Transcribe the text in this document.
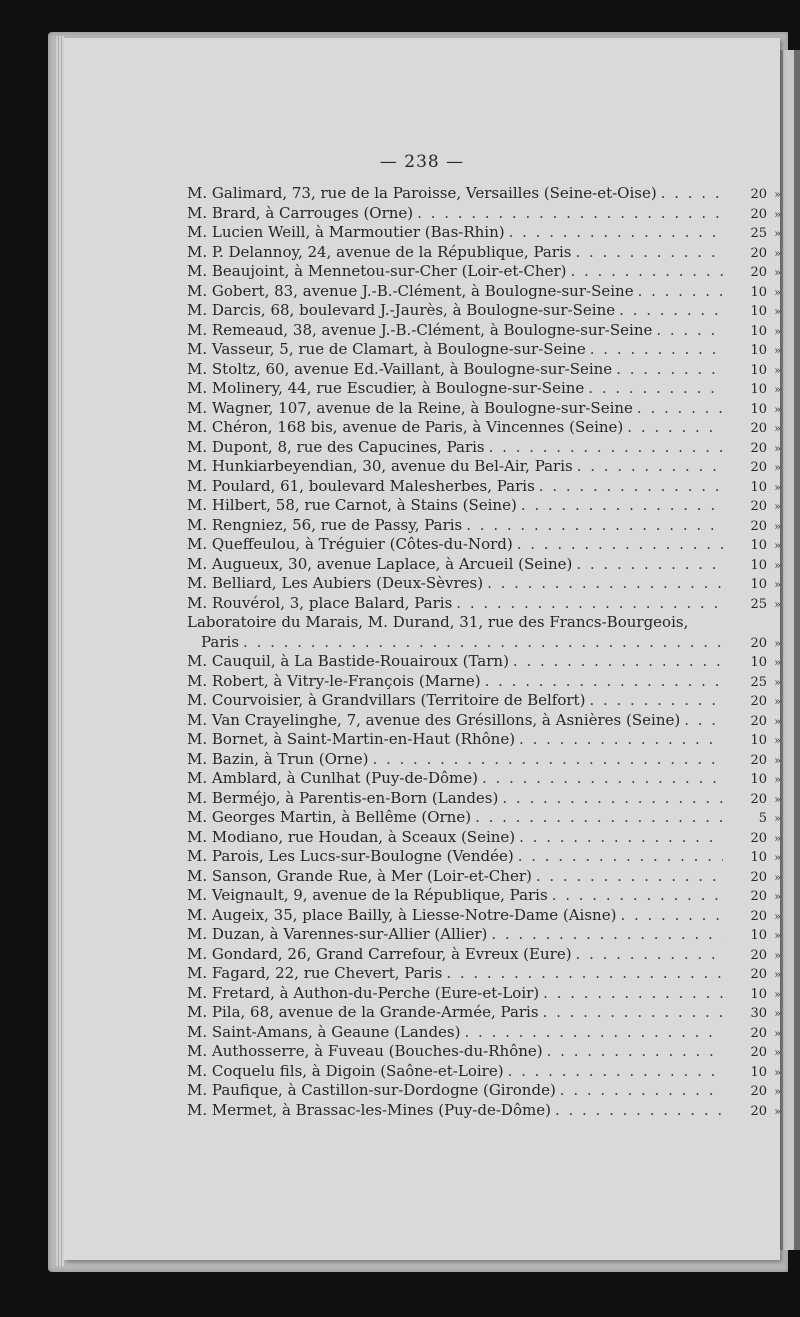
— 238 —
M. Galimard, 73, rue de la Paroisse, Versailles (Seine-et-Oise) . . .	20 »
M. Brard, à Carrouges (Orne) . . .	20 »
M. Lucien Weill, à Marmoutier (Bas-Rhin) . . .	25 »
M. P. Delannoy, 24, avenue de la République, Paris . . .	20 »
M. Beaujoint, à Mennetou-sur-Cher (Loir-et-Cher) . . .	20 »
M. Gobert, 83, avenue J.-B.-Clément, à Boulogne-sur-Seine . . .	10 »
M. Darcis, 68, boulevard J.-Jaurès, à Boulogne-sur-Seine . . .	10 »
M. Remeaud, 38, avenue J.-B.-Clément, à Boulogne-sur-Seine . . .	10 »
M. Vasseur, 5, rue de Clamart, à Boulogne-sur-Seine . . .	10 »
M. Stoltz, 60, avenue Ed.-Vaillant, à Boulogne-sur-Seine . . .	10 »
M. Molinery, 44, rue Escudier, à Boulogne-sur-Seine . . .	10 »
M. Wagner, 107, avenue de la Reine, à Boulogne-sur-Seine . . .	10 »
M. Chéron, 168 bis, avenue de Paris, à Vincennes (Seine) . . .	20 »
M. Dupont, 8, rue des Capucines, Paris . . .	20 »
M. Hunkiarbeyendian, 30, avenue du Bel-Air, Paris . . .	20 »
M. Poulard, 61, boulevard Malesherbes, Paris . . .	10 »
M. Hilbert, 58, rue Carnot, à Stains (Seine) . . .	20 »
M. Rengniez, 56, rue de Passy, Paris . . .	20 »
M. Queffeulou, à Tréguier (Côtes-du-Nord) . . .	10 »
M. Augueux, 30, avenue Laplace, à Arcueil (Seine) . . .	10 »
M. Belliard, Les Aubiers (Deux-Sèvres) . . .	10 »
M. Rouvérol, 3, place Balard, Paris . . .	25 »
Laboratoire du Marais, M. Durand, 31, rue des Francs-Bourgeois,
Paris . . .	20 »
M. Cauquil, à La Bastide-Rouairoux (Tarn) . . .	10 »
M. Robert, à Vitry-le-François (Marne) . . .	25 »
M. Courvoisier, à Grandvillars (Territoire de Belfort) . . .	20 »
M. Van Crayelinghe, 7, avenue des Grésillons, à Asnières (Seine) . . .	20 »
M. Bornet, à Saint-Martin-en-Haut (Rhône) . . .	10 »
M. Bazin, à Trun (Orne) . . .	20 »
M. Amblard, à Cunlhat (Puy-de-Dôme) . . .	10 »
M. Berméjo, à Parentis-en-Born (Landes) . . .	20 »
M. Georges Martin, à Bellême (Orne) . . .	5 »
M. Modiano, rue Houdan, à Sceaux (Seine) . . .	20 »
M. Parois, Les Lucs-sur-Boulogne (Vendée) . . .	10 »
M. Sanson, Grande Rue, à Mer (Loir-et-Cher) . . .	20 »
M. Veignault, 9, avenue de la République, Paris . . .	20 »
M. Augeix, 35, place Bailly, à Liesse-Notre-Dame (Aisne) . . .	20 »
M. Duzan, à Varennes-sur-Allier (Allier) . . .	10 »
M. Gondard, 26, Grand Carrefour, à Evreux (Eure) . . .	20 »
M. Fagard, 22, rue Chevert, Paris . . .	20 »
M. Fretard, à Authon-du-Perche (Eure-et-Loir) . . .	10 »
M. Pila, 68, avenue de la Grande-Armée, Paris . . .	30 »
M. Saint-Amans, à Geaune (Landes) . . .	20 »
M. Authosserre, à Fuveau (Bouches-du-Rhône) . . .	20 »
M. Coquelu fils, à Digoin (Saône-et-Loire) . . .	10 »
M. Paufique, à Castillon-sur-Dordogne (Gironde) . . .	20 »
M. Mermet, à Brassac-les-Mines (Puy-de-Dôme) . . .	20 »
